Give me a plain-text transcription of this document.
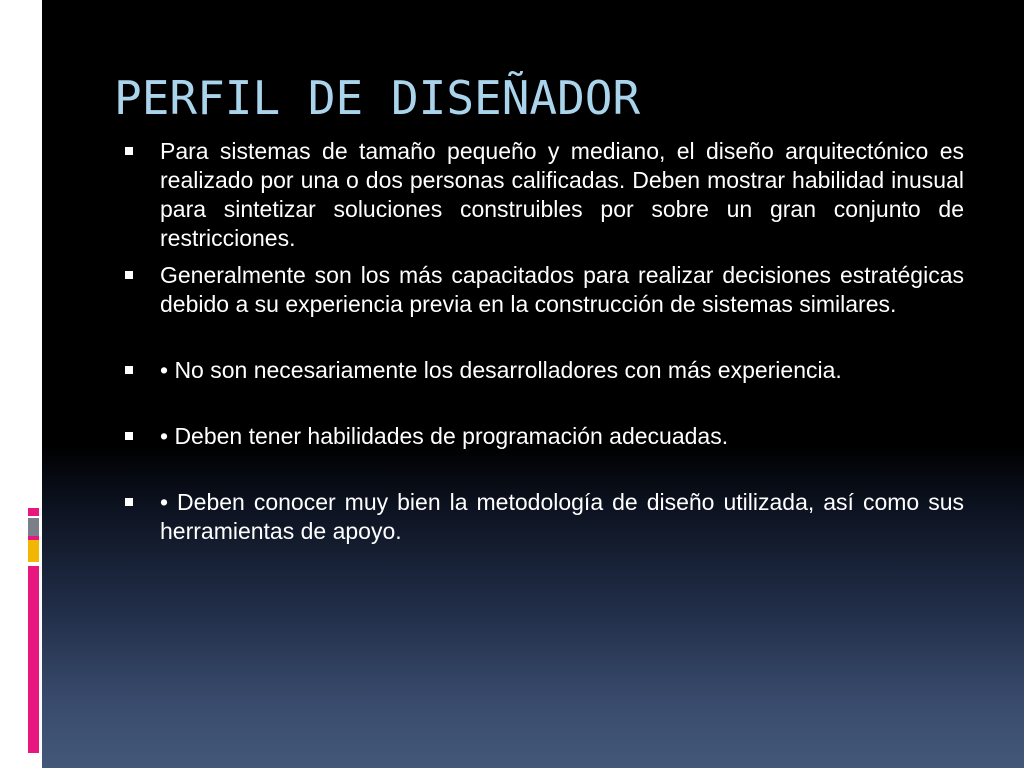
PERFIL DE DISEÑADOR
Para sistemas de tamaño pequeño y mediano, el diseño arquitectónico es realizado por una o dos personas calificadas. Deben mostrar habilidad inusual para sintetizar soluciones construibles por sobre un gran conjunto de restricciones.
Generalmente son los más capacitados para realizar decisiones estratégicas debido a su experiencia previa en la construcción de sistemas similares.
• No son necesariamente los desarrolladores con más experiencia.
• Deben tener habilidades de programación adecuadas.
• Deben conocer muy bien la metodología de diseño utilizada, así como sus herramientas de apoyo.
